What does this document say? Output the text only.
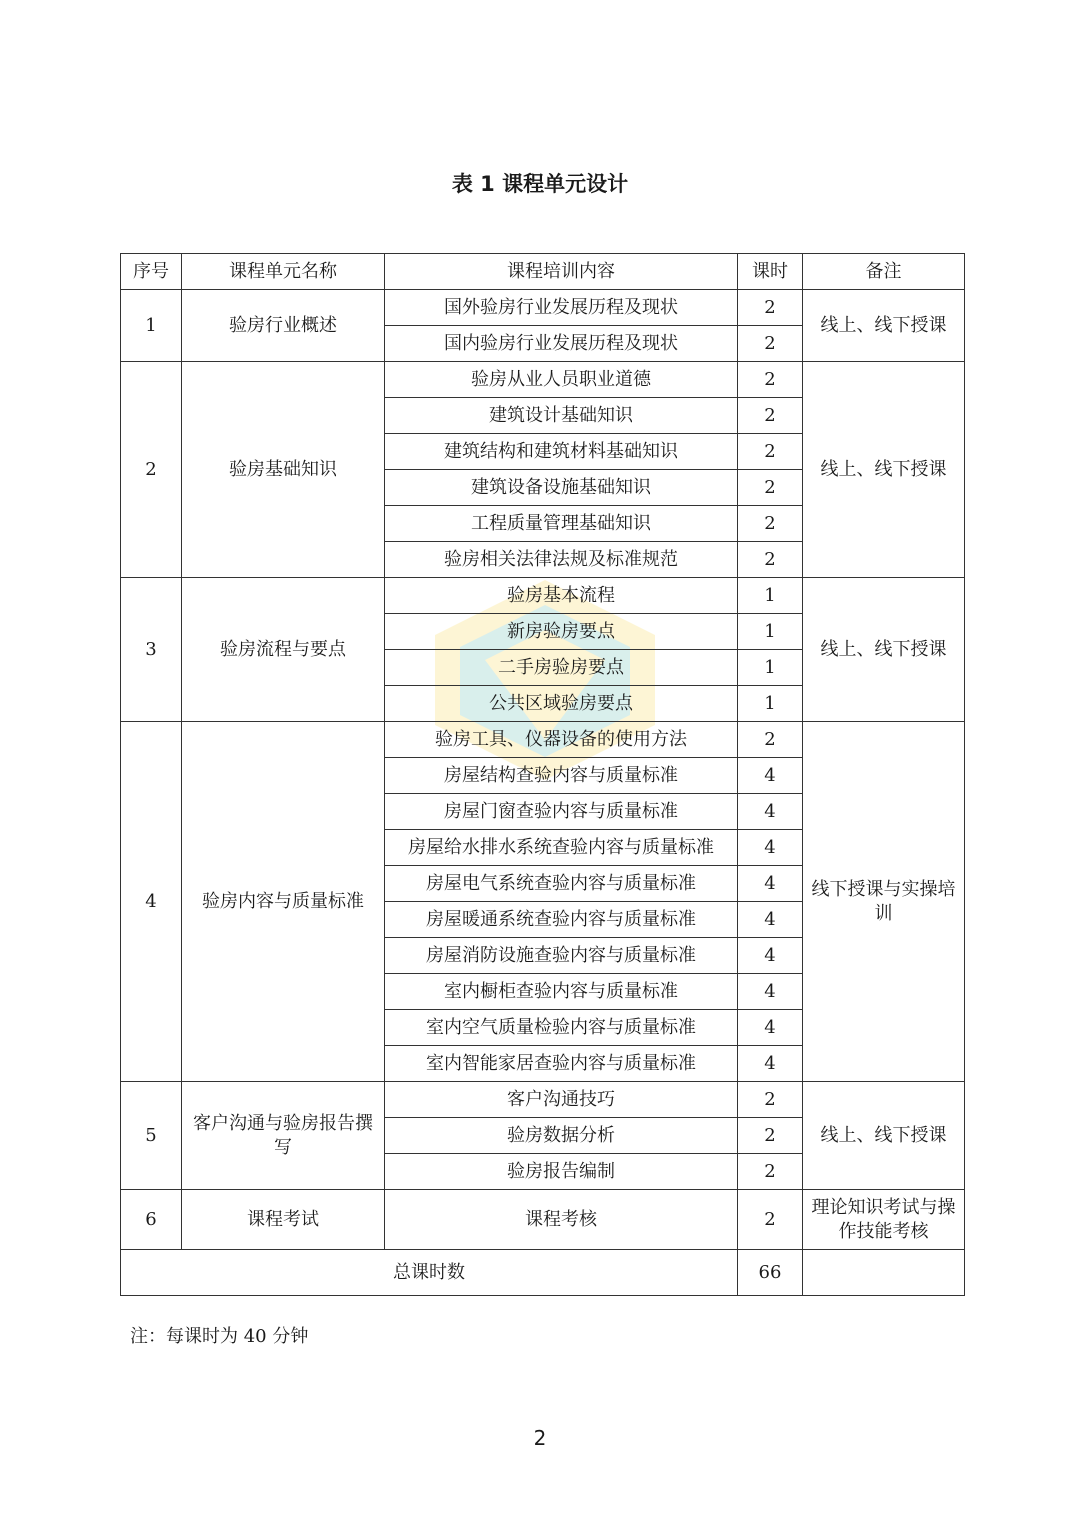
表 1 课程单元设计
序号	课程单元名称	课程培训内容	课时	备注
1	验房行业概述	国外验房行业发展历程及现状	2	线上、线下授课
		国内验房行业发展历程及现状	2	
2	验房基础知识	验房从业人员职业道德	2	线上、线下授课
		建筑设计基础知识	2	
		建筑结构和建筑材料基础知识	2	
		建筑设备设施基础知识	2	
		工程质量管理基础知识	2	
		验房相关法律法规及标准规范	2	
3	验房流程与要点	验房基本流程	1	线上、线下授课
		新房验房要点	1	
		二手房验房要点	1	
		公共区域验房要点	1	
4	验房内容与质量标准	验房工具、仪器设备的使用方法	2	线下授课与实操培训
		房屋结构查验内容与质量标准	4	
		房屋门窗查验内容与质量标准	4	
		房屋给水排水系统查验内容与质量标准	4	
		房屋电气系统查验内容与质量标准	4	
		房屋暖通系统查验内容与质量标准	4	
		房屋消防设施查验内容与质量标准	4	
		室内橱柜查验内容与质量标准	4	
		室内空气质量检验内容与质量标准	4	
		室内智能家居查验内容与质量标准	4	
5	客户沟通与验房报告撰写	客户沟通技巧	2	线上、线下授课
		验房数据分析	2	
		验房报告编制	2	
6	课程考试	课程考核	2	理论知识考试与操作技能考核
总课时数			66	
注：每课时为 40 分钟
2
